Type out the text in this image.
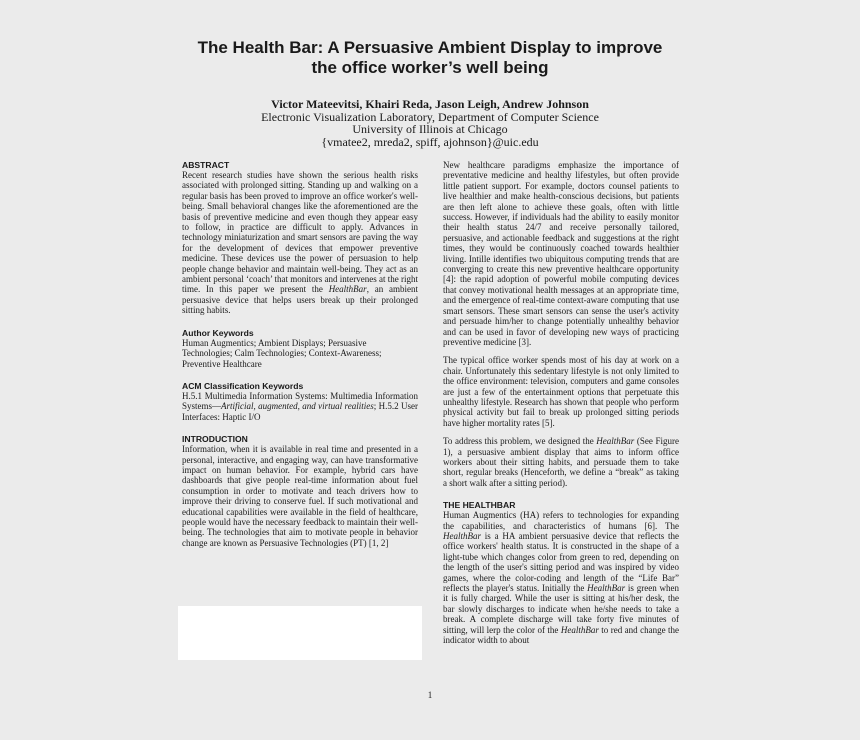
The Health Bar: A Persuasive Ambient Display to improve
the office worker’s well being
Victor Mateevitsi, Khairi Reda, Jason Leigh, Andrew Johnson
Electronic Visualization Laboratory, Department of Computer Science
University of Illinois at Chicago
{vmatee2, mreda2, spiff, ajohnson}@uic.edu
ABSTRACT

Recent research studies have shown the serious health risks associated with prolonged sitting. Standing up and walking on a regular basis has been proved to improve an office worker's well-being. Small behavioral changes like the aforementioned are the basis of preventive medicine and even though they appear easy to follow, in practice are difficult to apply. Advances in technology miniaturization and smart sensors are paving the way for the development of devices that empower preventive medicine. These devices use the power of persuasion to help people change behavior and maintain well-being. They act as an ambient personal ‘coach’ that monitors and intervenes at the right time. In this paper we present the HealthBar, an ambient persuasive device that helps users break up their prolonged sitting habits.

Author Keywords

Human Augmentics; Ambient Displays; Persuasive Technologies; Calm Technologies; Context-Awareness; Preventive Healthcare

ACM Classification Keywords

H.5.1 Multimedia Information Systems: Multimedia Information Systems—Artificial, augmented, and virtual realities; H.5.2 User Interfaces: Haptic I/O

INTRODUCTION

Information, when it is available in real time and presented in a personal, interactive, and engaging way, can have transformative impact on human behavior. For example, hybrid cars have dashboards that give people real-time information about fuel consumption in order to motivate and teach drivers how to improve their driving to conserve fuel. If such motivational and educational capabilities were available in the field of healthcare, people would have the necessary feedback to maintain their well-being. The technologies that aim to motivate people in behavior change are known as Persuasive Technologies (PT) [1, 2]

New healthcare paradigms emphasize the importance of preventative medicine and healthy lifestyles, but often provide little patient support. For example, doctors counsel patients to live healthier and make health-conscious decisions, but patients are then left alone to achieve these goals, often with little success. However, if individuals had the ability to easily monitor their health status 24/7 and receive personally tailored, persuasive, and actionable feedback and suggestions at the right times, they would be continuously coached towards healthier living. Intille identifies two ubiquitous computing trends that are converging to create this new preventive healthcare opportunity [4]: the rapid adoption of powerful mobile computing devices that convey motivational health messages at an appropriate time, and the emergence of real-time context-aware computing that use smart sensors. These smart sensors can sense the user's activity and persuade him/her to change potentially unhealthy behavior and can be used in favor of developing new ways of practicing preventive medicine [3].

The typical office worker spends most of his day at work on a chair. Unfortunately this sedentary lifestyle is not only limited to the office environment: television, computers and game consoles are just a few of the entertainment options that perpetuate this unhealthy lifestyle. Research has shown that people who perform physical activity but fail to break up prolonged sitting periods have higher mortality rates [5].

To address this problem, we designed the HealthBar (See Figure 1), a persuasive ambient display that aims to inform office workers about their sitting habits, and persuade them to take short, regular breaks (Henceforth, we define a “break” as taking a short walk after a sitting period).

THE HEALTHBAR

Human Augmentics (HA) refers to technologies for expanding the capabilities, and characteristics of humans [6]. The HealthBar is a HA ambient persuasive device that reflects the office workers' health status. It is constructed in the shape of a light-tube which changes color from green to red, depending on the length of the user's sitting period and was inspired by video games, where the color-coding and length of the “Life Bar” reflects the player's status. Initially the HealthBar is green when it is fully charged. While the user is sitting at his/her desk, the bar slowly discharges to indicate when he/she needs to take a break. A complete discharge will take forty five minutes of sitting, will lerp the color of the HealthBar to red and change the indicator width to about

1
